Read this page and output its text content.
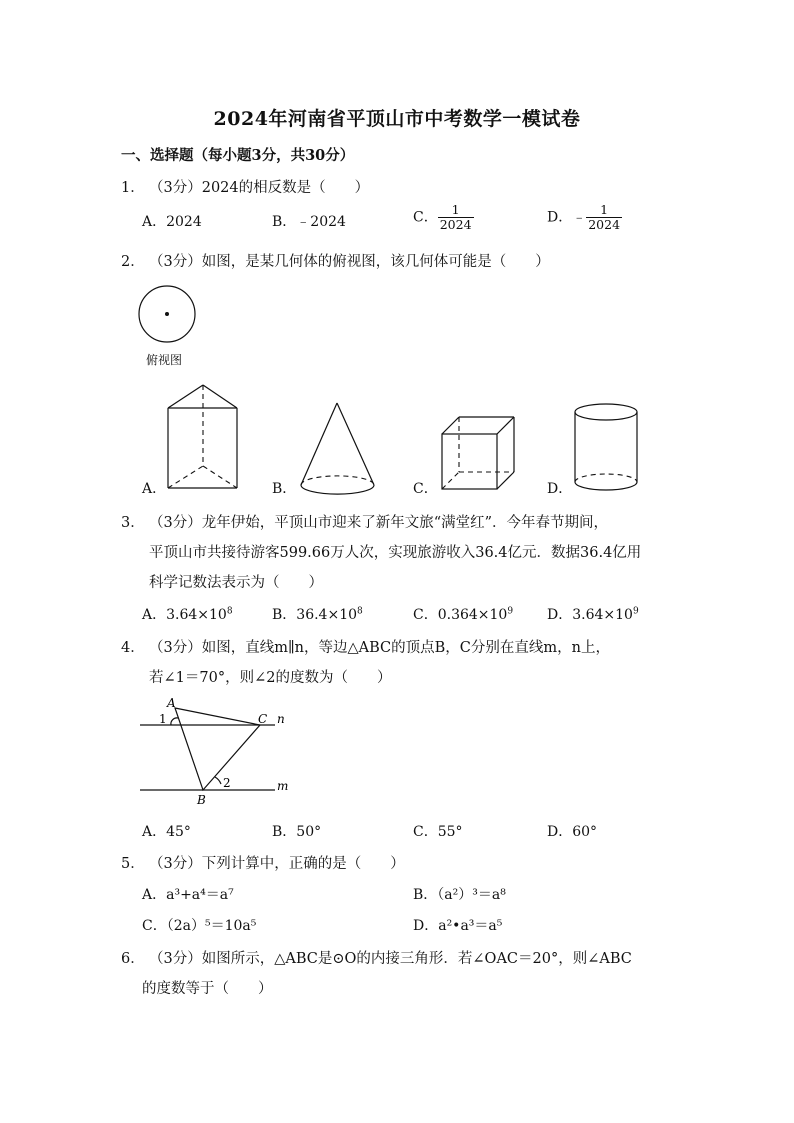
2024年河南省平顶山市中考数学一模试卷
一、选择题（每小题3分，共30分）
1． （3分）2024的相反数是（　　）
A．2024	B．﹣2024	C． $\frac{1}{2024}$	D．﹣ $\frac{1}{2024}$
2． （3分）如图，是某几何体的俯视图，该几何体可能是（　　）
俯视图
A．	B．	C．	D．
3． （3分）龙年伊始，平顶山市迎来了新年文旅“满堂红”．今年春节期间，
平顶山市共接待游客599.66万人次，实现旅游收入36.4亿元．数据36.4亿用
科学记数法表示为（　　）
A．$3.64\times 10^8$	B．$36.4\times 10^8$	C．$0.364\times 10^9$ D．$3.64\times 10^9$
4． （3分）如图，直线m∥n，等边△ABC的顶点B，C分别在直线m，n上，
若∠1＝70°，则∠2的度数为（　　）
A
1	C n
2
B
m
A．45°	B．50°	C．55°	D．60°
5． （3分）下列计算中，正确的是（　　）
A．a³+a⁴＝a⁷	B．（a²）³＝a⁸
C．（2a）⁵＝10a⁵	D．a²•a³＝a⁵
6． （3分）如图所示，△ABC是⊙O的内接三角形．若∠OAC＝20°，则∠ABC
的度数等于（　　）
